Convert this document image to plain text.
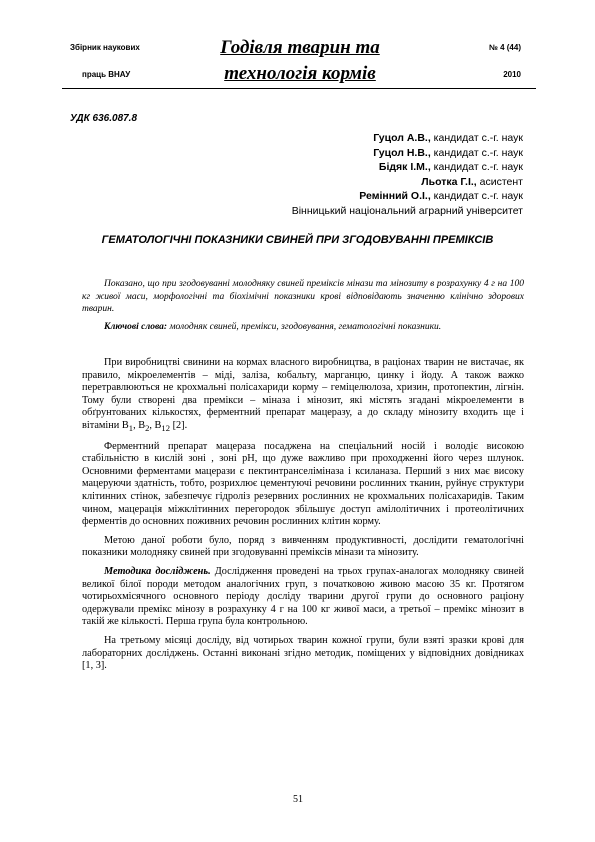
Збірник наукових
праць ВНАУ
Годівля тварин та
технологія кормів
№ 4 (44)
2010
УДК 636.087.8
Гуцол А.В., кандидат с.-г. наук
Гуцол Н.В., кандидат с.-г. наук
Бідяк І.М., кандидат с.-г. наук
Льотка Г.І., асистент
Ремінний О.І., кандидат с.-г. наук
Вінницький національний аграрний університет
ГЕМАТОЛОГІЧНІ ПОКАЗНИКИ СВИНЕЙ ПРИ ЗГОДОВУВАННІ ПРЕМІКСІВ

Показано, що при згодовуванні молодняку свиней преміксів мінази та мінозиту в розрахунку 4 г на 100 кг живої маси, морфологічні та біохімічні показники крові відповідають значенню клінічно здорових тварин.

Ключові слова: молодняк свиней, премікси, згодовування, гематологічні показники.

При виробництві свинини на кормах власного виробництва, в раціонах тварин не вистачає, як правило, мікроелементів – міді, заліза, кобальту, марганцю, цинку і йоду. А також важко перетравлюються не крохмальні полісахариди корму – геміцелюлоза, хризин, протопектин, лігнін. Тому були створені два премікси – міназа і мінозит, які містять згадані мікроелементи в обґрунтованих кількостях, ферментний препарат мацеразу, а до складу мінозиту входить ще і вітаміни $B_1$, $B_2$, $B_{12}$ [2].

Ферментний препарат мацераза посаджена на спеціальний носій і володіє високою стабільністю в кислій зоні , зоні pH, що дуже важливо при проходженні його через шлунок. Основними ферментами мацерази є пектинтранселіміназа і ксиланаза. Перший з них має високу мацеруючи здатність, тобто, розрихлює цементуючі речовини рослинних тканин, руйнує структури клітинних стінок, забезпечує гідроліз резервних рослинних не крохмальних полісахаридів. Таким чином, мацерація міжклітинних перегородок збільшує доступ амілолітичних і протеолітичних ферментів до основних поживних речовин рослинних клітин корму.

Метою даної роботи було, поряд з вивченням продуктивності, дослідити гематологічні показники молодняку свиней при згодовуванні преміксів мінази та мінозиту.

Методика досліджень. Дослідження проведені на трьох групах-аналогах молодняку свиней великої білої породи методом аналогічних груп, з початковою живою масою 35 кг. Протягом чотирьохмісячного основного періоду досліду тварини другої групи до основного раціону одержували премікс мінозу в розрахунку 4 г на 100 кг живої маси, а третьої – премікс мінозит в такій же кількості. Перша група була контрольною.

На третьому місяці досліду, від чотирьох тварин кожної групи, були взяті зразки крові для лабораторних досліджень. Останні виконані згідно методик, поміщених у відповідних довідниках [1, 3].

51
